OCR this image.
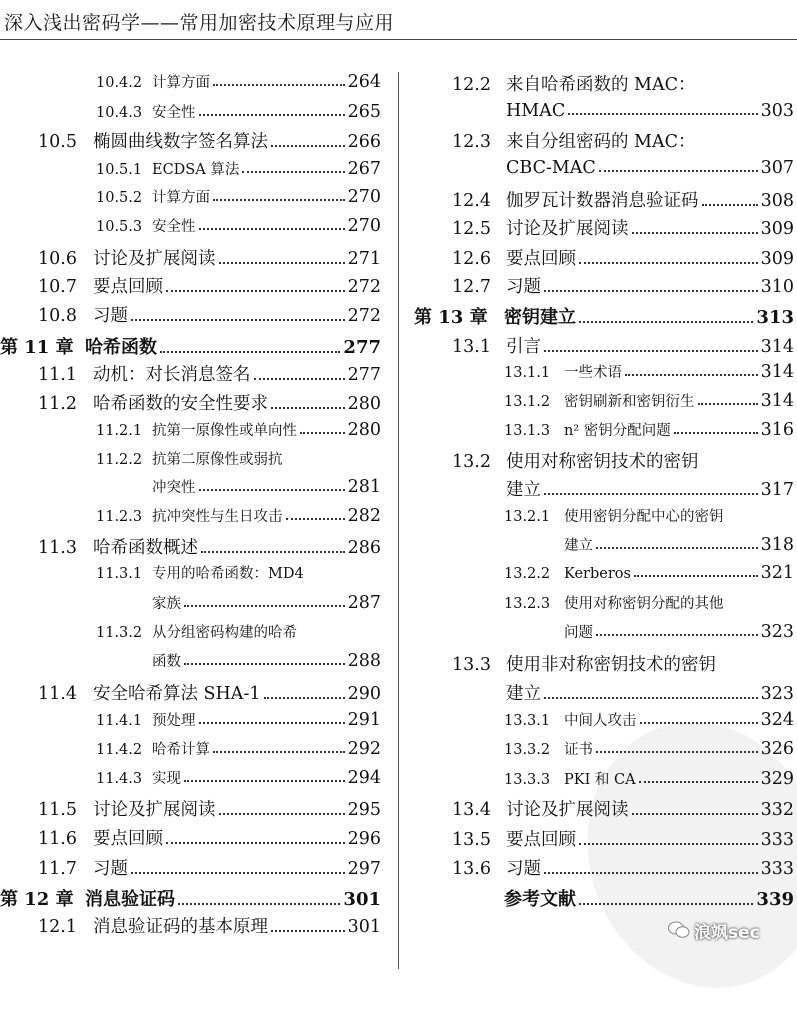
深入浅出密码学——常用加密技术原理与应用
10.4.2 计算方面	264
10.4.3 安全性	265
10.5 椭圆曲线数字签名算法	266
10.5.1 ECDSA 算法	267
10.5.2 计算方面	270
10.5.3 安全性	270
10.6 讨论及扩展阅读	271
10.7 要点回顾	272
10.8 习题	272
第 11 章 哈希函数	277
11.1 动机：对长消息签名	277
11.2 哈希函数的安全性要求	280
11.2.1 抗第一原像性或单向性	280
11.2.2 抗第二原像性或弱抗
冲突性	281
11.2.3 抗冲突性与生日攻击	282
11.3 哈希函数概述	286
11.3.1 专用的哈希函数：MD4
家族	287
11.3.2 从分组密码构建的哈希
函数	288
11.4 安全哈希算法 SHA-1	290
11.4.1 预处理	291
11.4.2 哈希计算	292
11.4.3 实现	294
11.5 讨论及扩展阅读	295
11.6 要点回顾	296
11.7 习题	297
第 12 章 消息验证码	301
12.1 消息验证码的基本原理	301
12.2 来自哈希函数的 MAC：
HMAC	303
12.3 来自分组密码的 MAC：
CBC-MAC	307
12.4 伽罗瓦计数器消息验证码	308
12.5 讨论及扩展阅读	309
12.6 要点回顾	309
12.7 习题	310
第 13 章 密钥建立	313
13.1 引言	314
13.1.1 一些术语	314
13.1.2 密钥刷新和密钥衍生	314
13.1.3 n² 密钥分配问题	316
13.2 使用对称密钥技术的密钥
建立	317
13.2.1 使用密钥分配中心的密钥
建立	318
13.2.2 Kerberos	321
13.2.3 使用对称密钥分配的其他
问题	323
13.3 使用非对称密钥技术的密钥
建立	323
13.3.1 中间人攻击	324
13.3.2 证书	326
13.3.3 PKI 和 CA	329
13.4 讨论及扩展阅读	332
13.5 要点回顾	333
13.6 习题	333
参考文献	339
浪飒sec
